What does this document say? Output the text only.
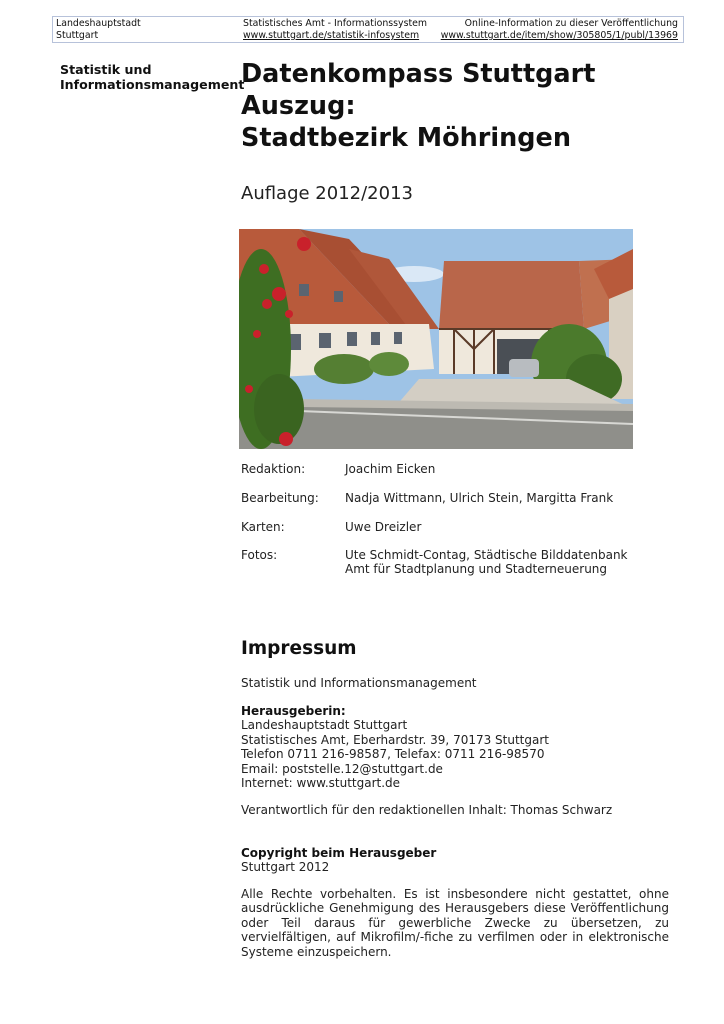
Landeshauptstadt
Stuttgart
Statistisches Amt - Informationssystem
www.stuttgart.de/statistik-infosystem
Online-Information zu dieser Veröffentlichung
www.stuttgart.de/item/show/305805/1/publ/13969
Statistik und
Informationsmanagement
Datenkompass Stuttgart
Auszug:
Stadtbezirk Möhringen
Auflage 2012/2013
Redaktion:	Joachim Eicken
Bearbeitung: Nadja Wittmann, Ulrich Stein, Margitta Frank
Karten:	Uwe Dreizler
Fotos:	Ute Schmidt-Contag, Städtische Bilddatenbank
Amt für Stadtplanung und Stadterneuerung
Impressum
Statistik und Informationsmanagement
Herausgeberin:
Landeshauptstadt Stuttgart
Statistisches Amt, Eberhardstr. 39, 70173 Stuttgart
Telefon 0711 216-98587, Telefax: 0711 216-98570
Email: poststelle.12@stuttgart.de
Internet: www.stuttgart.de
Verantwortlich für den redaktionellen Inhalt: Thomas Schwarz
Copyright beim Herausgeber
Stuttgart 2012
Alle Rechte vorbehalten. Es ist insbesondere nicht gestattet, ohne ausdrückliche Genehmigung des Herausgebers diese Veröffentlichung oder Teil daraus für gewerbliche Zwecke zu übersetzen, zu vervielfältigen, auf Mikrofilm/-fiche zu verfilmen oder in elektronische Systeme einzuspeichern.
